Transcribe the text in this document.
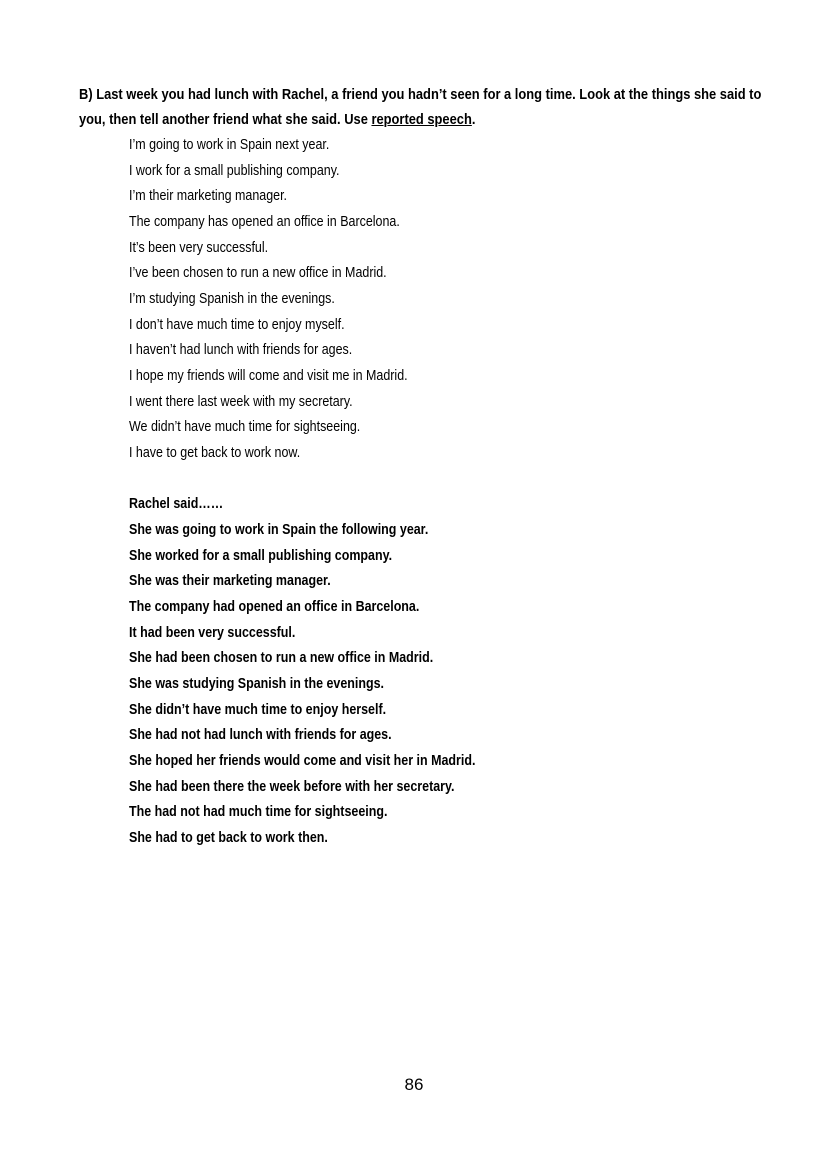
B) Last week you had lunch with Rachel, a friend you hadn’t seen for a long time. Look at the things she said to
you, then tell another friend what she said. Use reported speech.
I’m going to work in Spain next year.
I work for a small publishing company.
I’m their marketing manager.
The company has opened an office in Barcelona.
It’s been very successful.
I’ve been chosen to run a new office in Madrid.
I’m studying Spanish in the evenings.
I don’t have much time to enjoy myself.
I haven’t had lunch with friends for ages.
I hope my friends will come and visit me in Madrid.
I went there last week with my secretary.
We didn’t have much time for sightseeing.
I have to get back to work now.
Rachel said……
She was going to work in Spain the following year.
She worked for a small publishing company.
She was their marketing manager.
The company had opened an office in Barcelona.
It had been very successful.
She had been chosen to run a new office in Madrid.
She was studying Spanish in the evenings.
She didn’t have much time to enjoy herself.
She had not had lunch with friends for ages.
She hoped her friends would come and visit her in Madrid.
She had been there the week before with her secretary.
The had not had much time for sightseeing.
She had to get back to work then.
86
